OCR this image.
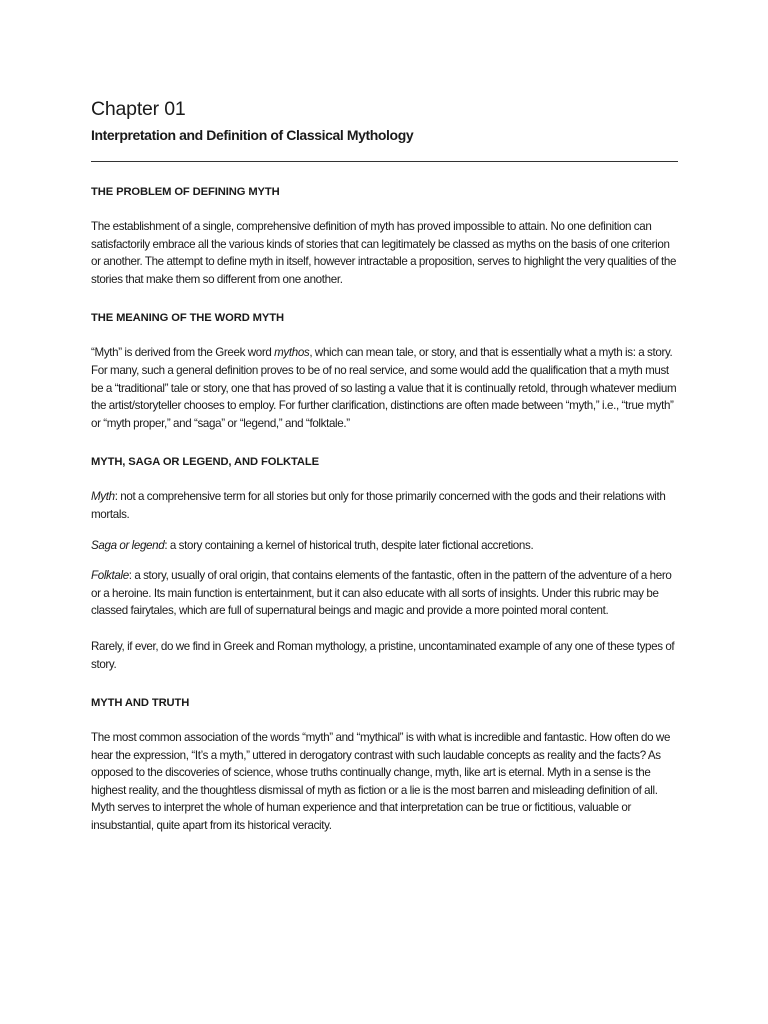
Chapter 01
Interpretation and Definition of Classical Mythology
THE PROBLEM OF DEFINING MYTH

The establishment of a single, comprehensive definition of myth has proved impossible to attain. No one definition can satisfactorily embrace all the various kinds of stories that can legitimately be classed as myths on the basis of one criterion or another. The attempt to define myth in itself, however intractable a proposition, serves to highlight the very qualities of the stories that make them so different from one another.

THE MEANING OF THE WORD MYTH

“Myth” is derived from the Greek word mythos, which can mean tale, or story, and that is essentially what a myth is: a story. For many, such a general definition proves to be of no real service, and some would add the qualification that a myth must be a “traditional” tale or story, one that has proved of so lasting a value that it is continually retold, through whatever medium the artist/storyteller chooses to employ. For further clarification, distinctions are often made between “myth,” i.e., “true myth” or “myth proper,” and “saga” or “legend,” and “folktale.”

MYTH, SAGA OR LEGEND, AND FOLKTALE

Myth: not a comprehensive term for all stories but only for those primarily concerned with the gods and their relations with mortals.

Saga or legend: a story containing a kernel of historical truth, despite later fictional accretions.

Folktale: a story, usually of oral origin, that contains elements of the fantastic, often in the pattern of the adventure of a hero or a heroine. Its main function is entertainment, but it can also educate with all sorts of insights. Under this rubric may be classed fairytales, which are full of supernatural beings and magic and provide a more pointed moral content.

Rarely, if ever, do we find in Greek and Roman mythology, a pristine, uncontaminated example of any one of these types of story.

MYTH AND TRUTH

The most common association of the words “myth” and “mythical” is with what is incredible and fantastic. How often do we hear the expression, “It’s a myth,” uttered in derogatory contrast with such laudable concepts as reality and the facts? As opposed to the discoveries of science, whose truths continually change, myth, like art is eternal. Myth in a sense is the highest reality, and the thoughtless dismissal of myth as fiction or a lie is the most barren and misleading definition of all. Myth serves to interpret the whole of human experience and that interpretation can be true or fictitious, valuable or insubstantial, quite apart from its historical veracity.
